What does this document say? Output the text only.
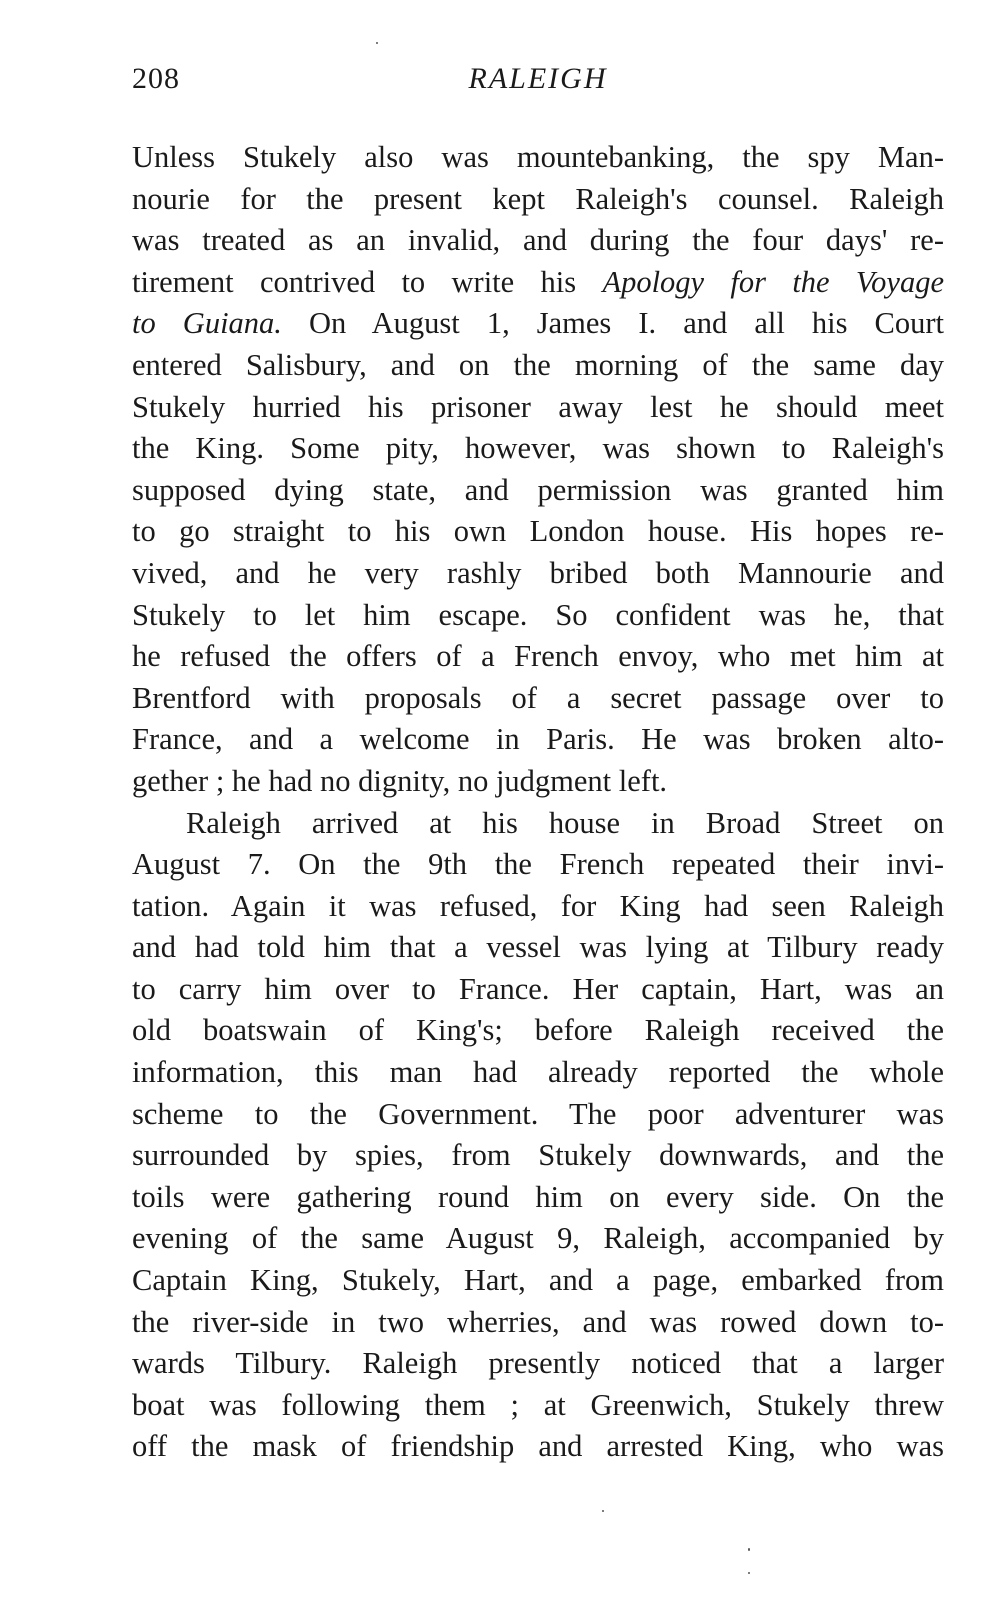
208	RALEIGH
Unless Stukely also was mountebanking, the spy Man-
nourie for the present kept Raleigh's counsel. Raleigh
was treated as an invalid, and during the four days' re-
tirement contrived to write his Apology for the Voyage
to Guiana. On August 1, James I. and all his Court
entered Salisbury, and on the morning of the same day
Stukely hurried his prisoner away lest he should meet
the King. Some pity, however, was shown to Raleigh's
supposed dying state, and permission was granted him
to go straight to his own London house. His hopes re-
vived, and he very rashly bribed both Mannourie and
Stukely to let him escape. So confident was he, that
he refused the offers of a French envoy, who met him at
Brentford with proposals of a secret passage over to
France, and a welcome in Paris. He was broken alto-
gether ; he had no dignity, no judgment left.
Raleigh arrived at his house in Broad Street on
August 7. On the 9th the French repeated their invi-
tation. Again it was refused, for King had seen Raleigh
and had told him that a vessel was lying at Tilbury ready
to carry him over to France. Her captain, Hart, was an
old boatswain of King's; before Raleigh received the
information, this man had already reported the whole
scheme to the Government. The poor adventurer was
surrounded by spies, from Stukely downwards, and the
toils were gathering round him on every side. On the
evening of the same August 9, Raleigh, accompanied by
Captain King, Stukely, Hart, and a page, embarked from
the river-side in two wherries, and was rowed down to-
wards Tilbury. Raleigh presently noticed that a larger
boat was following them ; at Greenwich, Stukely threw
off the mask of friendship and arrested King, who was
